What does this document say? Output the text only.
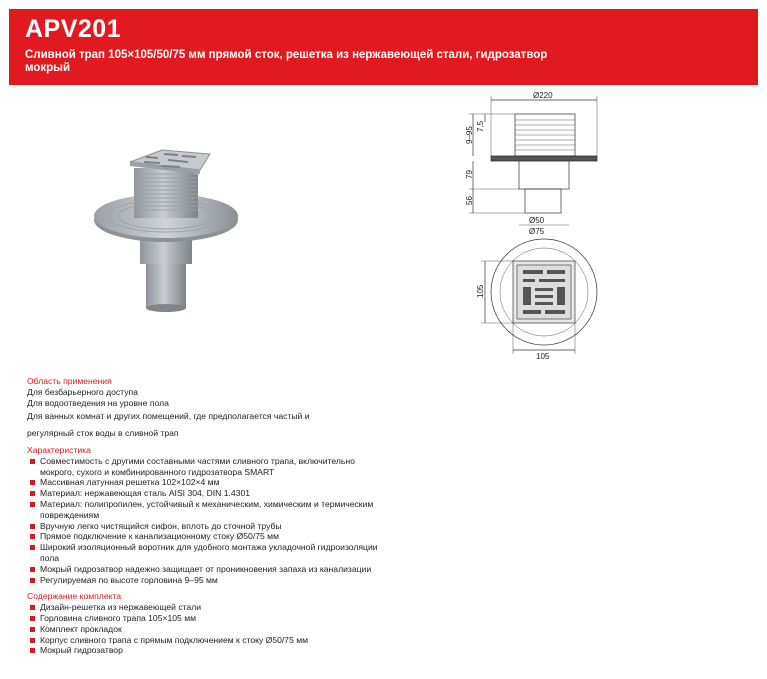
APV201
Сливной трап 105×105/50/75 мм прямой сток, решетка из нержавеющей стали, гидрозатвор мокрый
Ø220
9–95 7,5
79
56
Ø50
Ø75
105
105
Область применения
Для безбарьерного доступа
Для водоотведения на уровне пола
Для ванных комнат и других помещений, где предполагается частый и
регулярный сток воды в сливной трап
Характеристика
Совместимость с другими составными частями сливного трапа, включительно мокрого, сухого и комбинированного гидрозатвора SMART
Массивная латунная решетка 102×102×4 мм
Материал: нержавеющая сталь AISI 304, DIN 1.4301
Материал: полипропилен, устойчивый к механическим, химическим и термическим повреждениям
Вручную легко чистящийся сифон, вплоть до сточной трубы
Прямое подключение к канализационному стоку Ø50/75 мм
Широкий изоляционный воротник для удобного монтажа укладочной гидроизоляции пола
Мокрый гидрозатвор надежно защищает от проникновения запаха из канализации
Регулируемая по высоте горловина 9–95 мм
Содержание комплекта
Дизайн-решетка из нержавеющей стали
Горловина сливного трапа 105×105 мм
Комплект прокладок
Корпус сливного трапа с прямым подключением к стоку Ø50/75 мм
Мокрый гидрозатвор
